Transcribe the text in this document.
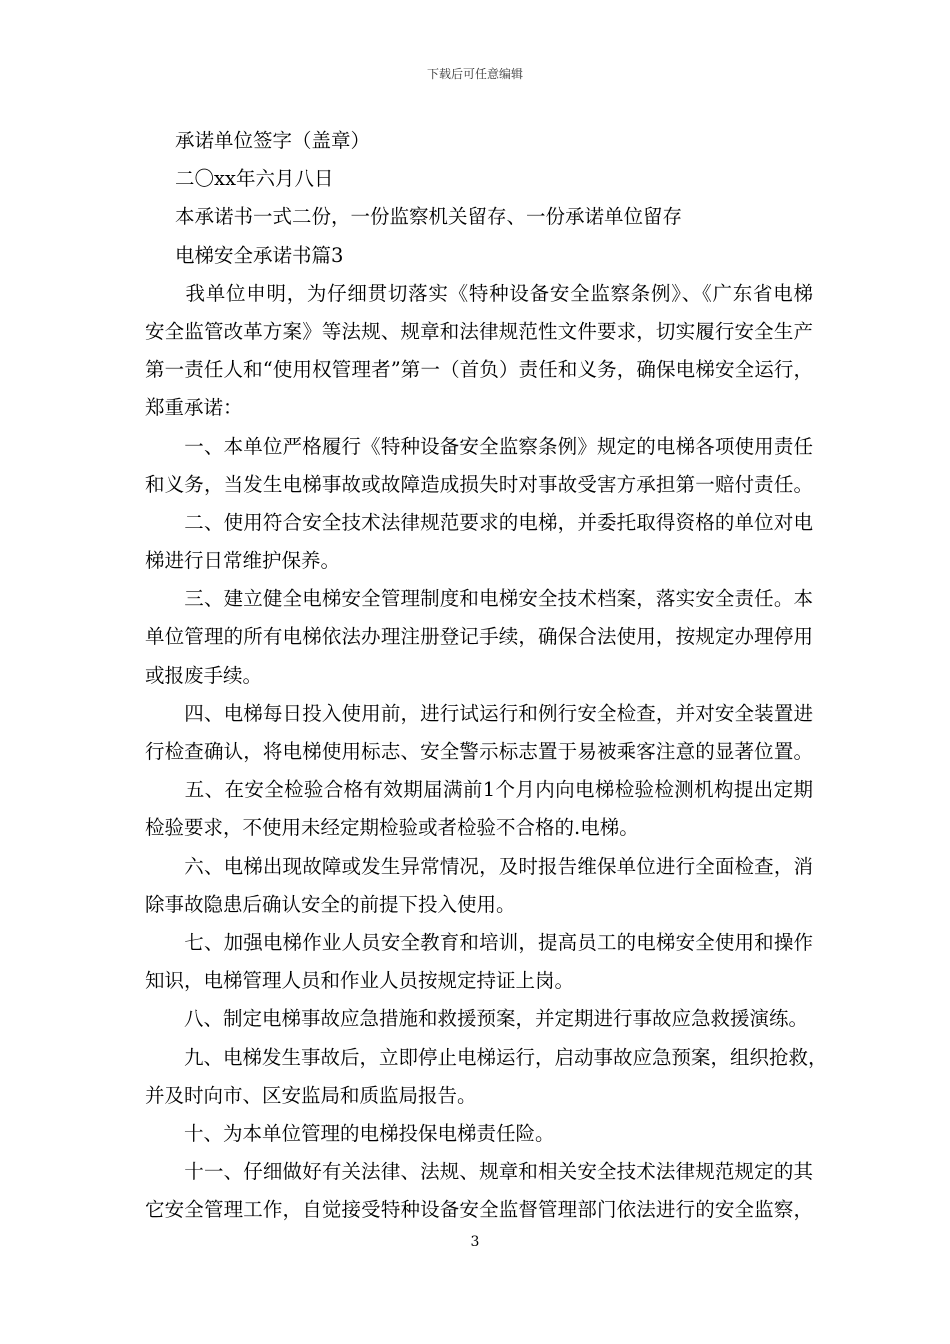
下载后可任意编辑
承诺单位签字（盖章）
二〇xx年六月八日
本承诺书一式二份，一份监察机关留存、一份承诺单位留存
电梯安全承诺书篇3
　　我单位申明，为仔细贯切落实《特种设备安全监察条例》、《广东省电梯
安全监管改革方案》等法规、规章和法律规范性文件要求，切实履行安全生产
第一责任人和“使用权管理者”第一（首负）责任和义务，确保电梯安全运行，
郑重承诺：
　　一、本单位严格履行《特种设备安全监察条例》规定的电梯各项使用责任
和义务，当发生电梯事故或故障造成损失时对事故受害方承担第一赔付责任。
　　二、使用符合安全技术法律规范要求的电梯，并委托取得资格的单位对电
梯进行日常维护保养。
　　三、建立健全电梯安全管理制度和电梯安全技术档案，落实安全责任。本
单位管理的所有电梯依法办理注册登记手续，确保合法使用，按规定办理停用
或报废手续。
　　四、电梯每日投入使用前，进行试运行和例行安全检查，并对安全装置进
行检查确认，将电梯使用标志、安全警示标志置于易被乘客注意的显著位置。
　　五、在安全检验合格有效期届满前1个月内向电梯检验检测机构提出定期
检验要求，不使用未经定期检验或者检验不合格的.电梯。
　　六、电梯出现故障或发生异常情况，及时报告维保单位进行全面检查，消
除事故隐患后确认安全的前提下投入使用。
　　七、加强电梯作业人员安全教育和培训，提高员工的电梯安全使用和操作
知识，电梯管理人员和作业人员按规定持证上岗。
　　八、制定电梯事故应急措施和救援预案，并定期进行事故应急救援演练。
　　九、电梯发生事故后，立即停止电梯运行，启动事故应急预案，组织抢救，
并及时向市、区安监局和质监局报告。
　　十、为本单位管理的电梯投保电梯责任险。
　　十一、仔细做好有关法律、法规、规章和相关安全技术法律规范规定的其
它安全管理工作，自觉接受特种设备安全监督管理部门依法进行的安全监察，
3
